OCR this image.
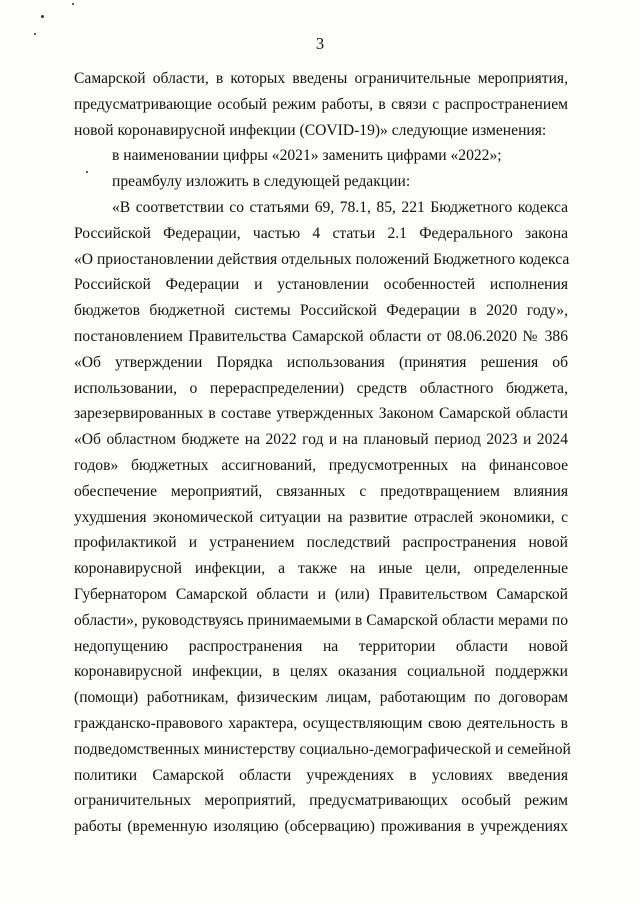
3
Самарской области, в которых введены ограничительные мероприятия,
предусматривающие особый режим работы, в связи с распространением
новой коронавирусной инфекции (COVID-19)» следующие изменения:
в наименовании цифры «2021» заменить цифрами «2022»;
преамбулу изложить в следующей редакции:
«В соответствии со статьями 69, 78.1, 85, 221 Бюджетного кодекса
Российской Федерации, частью 4 статьи 2.1 Федерального закона
«О приостановлении действия отдельных положений Бюджетного кодекса
Российской Федерации и установлении особенностей исполнения
бюджетов бюджетной системы Российской Федерации в 2020 году»,
постановлением Правительства Самарской области от 08.06.2020 № 386
«Об утверждении Порядка использования (принятия решения об
использовании, о перераспределении) средств областного бюджета,
зарезервированных в составе утвержденных Законом Самарской области
«Об областном бюджете на 2022 год и на плановый период 2023 и 2024
годов» бюджетных ассигнований, предусмотренных на финансовое
обеспечение мероприятий, связанных с предотвращением влияния
ухудшения экономической ситуации на развитие отраслей экономики, с
профилактикой и устранением последствий распространения новой
коронавирусной инфекции, а также на иные цели, определенные
Губернатором Самарской области и (или) Правительством Самарской
области», руководствуясь принимаемыми в Самарской области мерами по
недопущению распространения на территории области новой
коронавирусной инфекции, в целях оказания социальной поддержки
(помощи) работникам, физическим лицам, работающим по договорам
гражданско-правового характера, осуществляющим свою деятельность в
подведомственных министерству социально-демографической и семейной
политики Самарской области учреждениях в условиях введения
ограничительных мероприятий, предусматривающих особый режим
работы (временную изоляцию (обсервацию) проживания в учреждениях
